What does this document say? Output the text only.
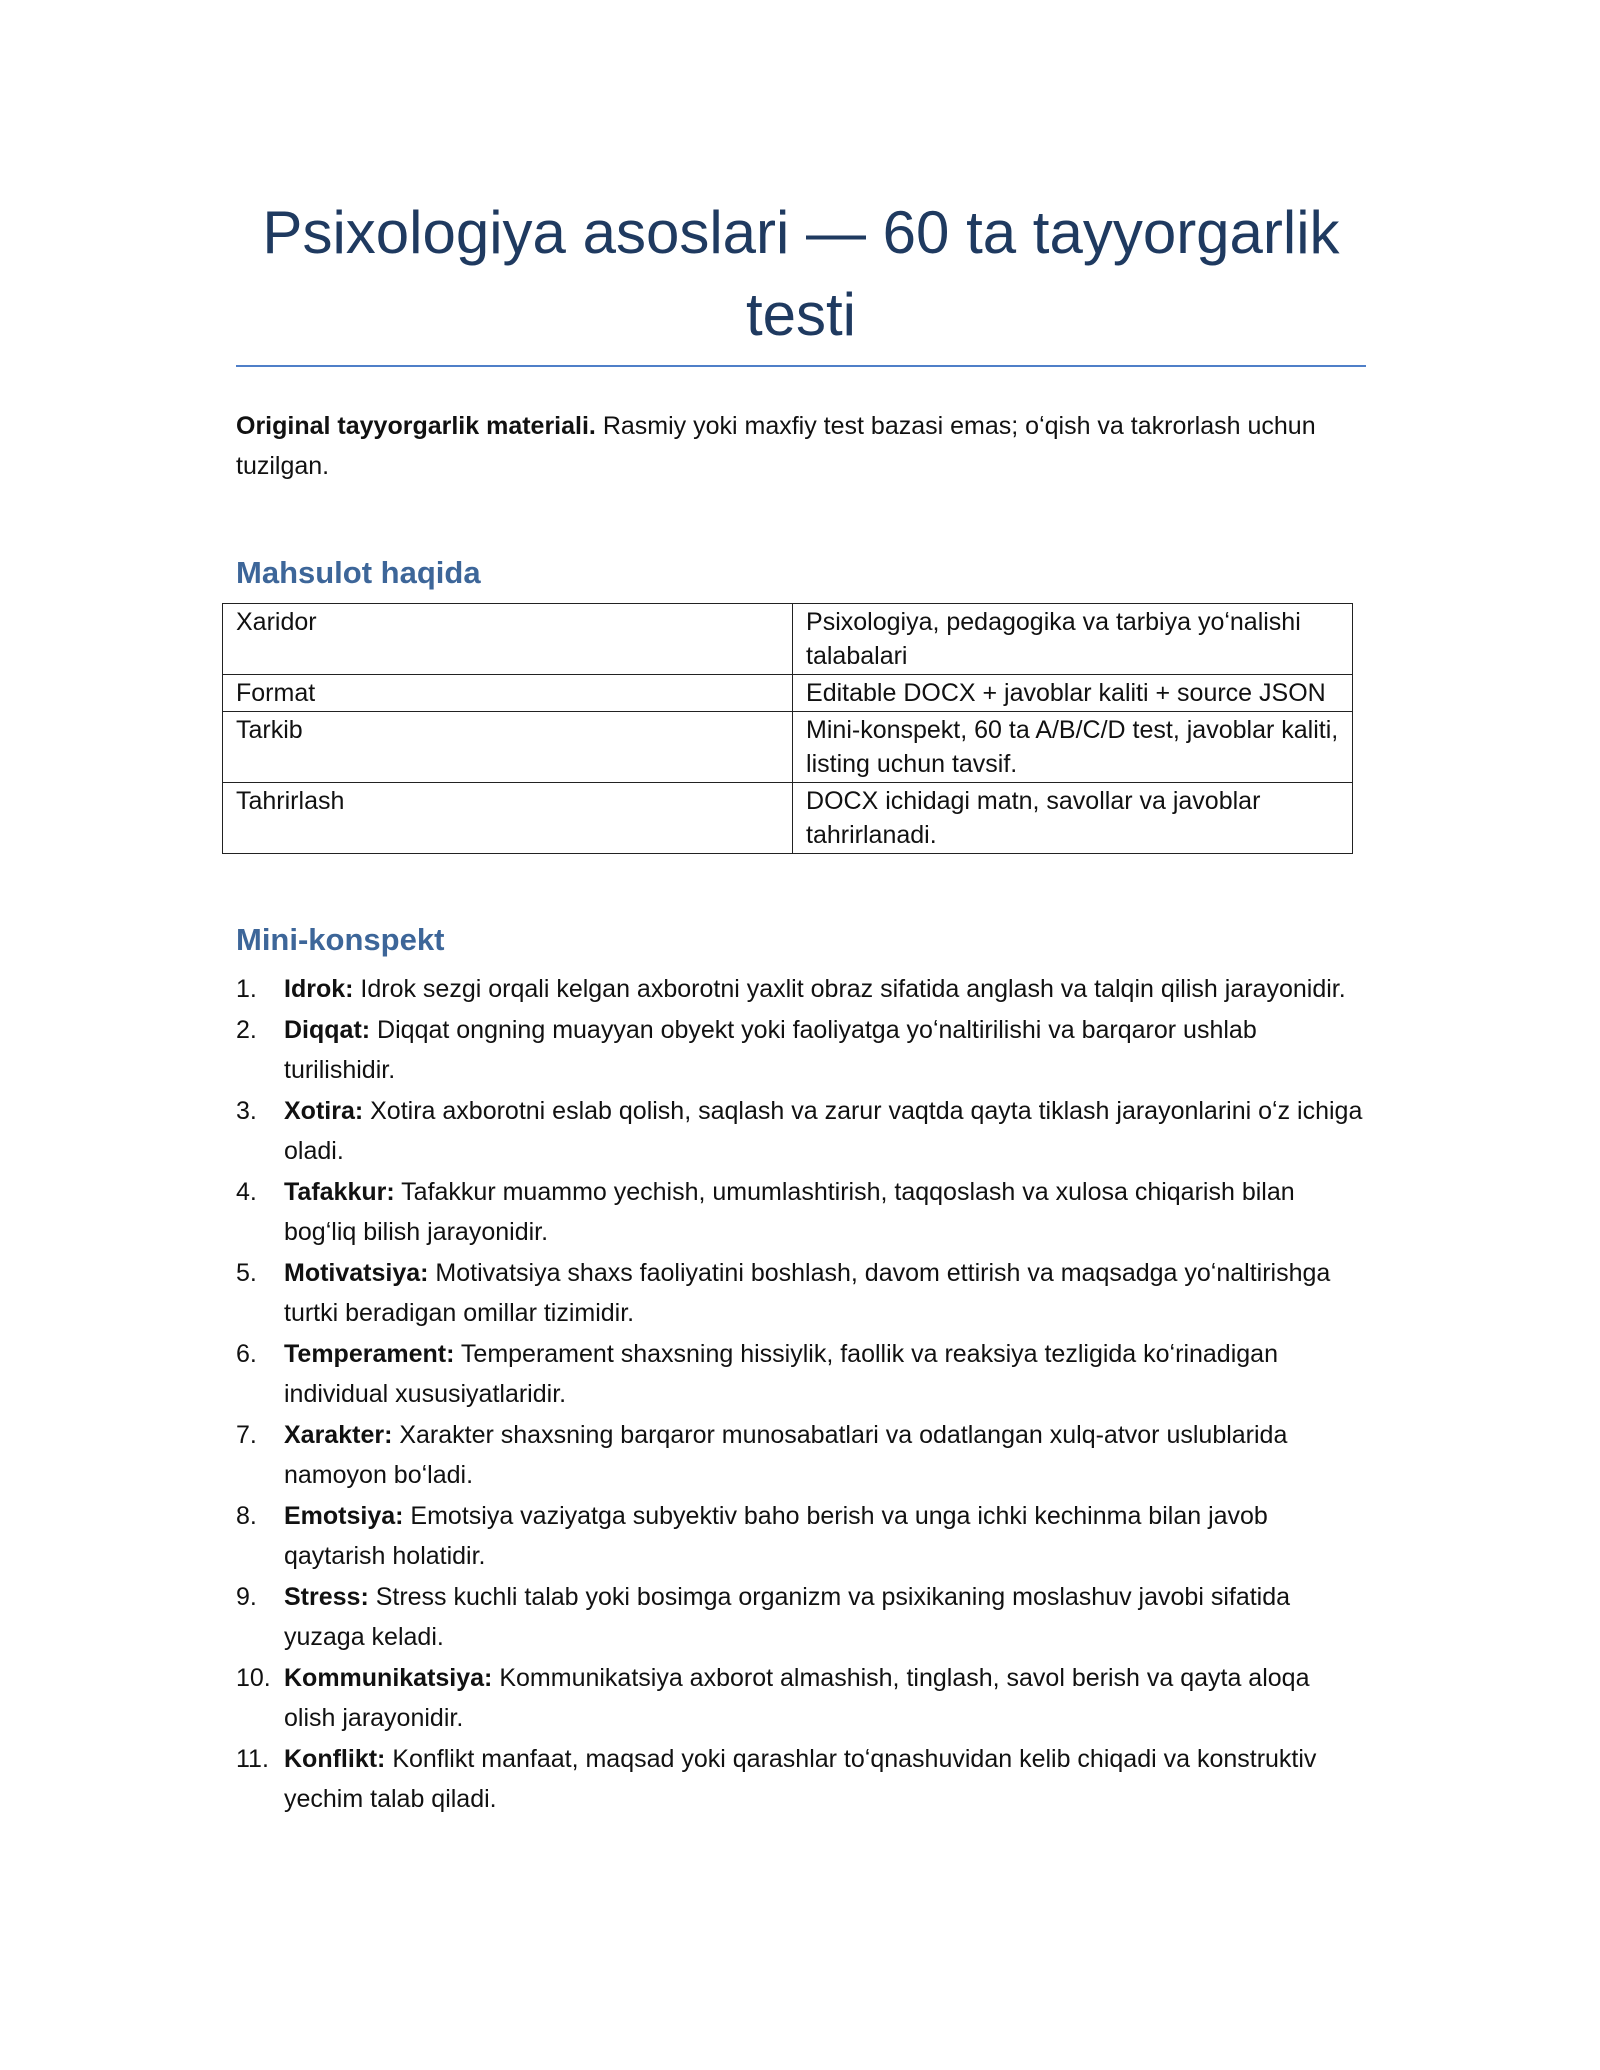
Psixologiya asoslari — 60 ta tayyorgarlik testi

Original tayyorgarlik materiali. Rasmiy yoki maxfiy test bazasi emas; oʻqish va takrorlash uchun tuzilgan.

Mahsulot haqida
Xaridor	Psixologiya, pedagogika va tarbiya yoʻnalishi talabalari
Format	Editable DOCX + javoblar kaliti + source JSON
Tarkib	Mini-konspekt, 60 ta A/B/C/D test, javoblar kaliti, listing uchun tavsif.
Tahrirlash	DOCX ichidagi matn, savollar va javoblar tahrirlanadi.
Mini-konspekt
1. Idrok: Idrok sezgi orqali kelgan axborotni yaxlit obraz sifatida anglash va talqin qilish jarayonidir.
2. Diqqat: Diqqat ongning muayyan obyekt yoki faoliyatga yoʻnaltirilishi va barqaror ushlab turilishidir.
3. Xotira: Xotira axborotni eslab qolish, saqlash va zarur vaqtda qayta tiklash jarayonlarini oʻz ichiga oladi.
4. Tafakkur: Tafakkur muammo yechish, umumlashtirish, taqqoslash va xulosa chiqarish bilan bogʻliq bilish jarayonidir.
5. Motivatsiya: Motivatsiya shaxs faoliyatini boshlash, davom ettirish va maqsadga yoʻnaltirishga turtki beradigan omillar tizimidir.
6. Temperament: Temperament shaxsning hissiylik, faollik va reaksiya tezligida koʻrinadigan individual xususiyatlaridir.
7. Xarakter: Xarakter shaxsning barqaror munosabatlari va odatlangan xulq-atvor uslublarida namoyon boʻladi.
8. Emotsiya: Emotsiya vaziyatga subyektiv baho berish va unga ichki kechinma bilan javob qaytarish holatidir.
9. Stress: Stress kuchli talab yoki bosimga organizm va psixikaning moslashuv javobi sifatida yuzaga keladi.
10. Kommunikatsiya: Kommunikatsiya axborot almashish, tinglash, savol berish va qayta aloqa olish jarayonidir.
11. Konflikt: Konflikt manfaat, maqsad yoki qarashlar toʻqnashuvidan kelib chiqadi va konstruktiv yechim talab qiladi.
